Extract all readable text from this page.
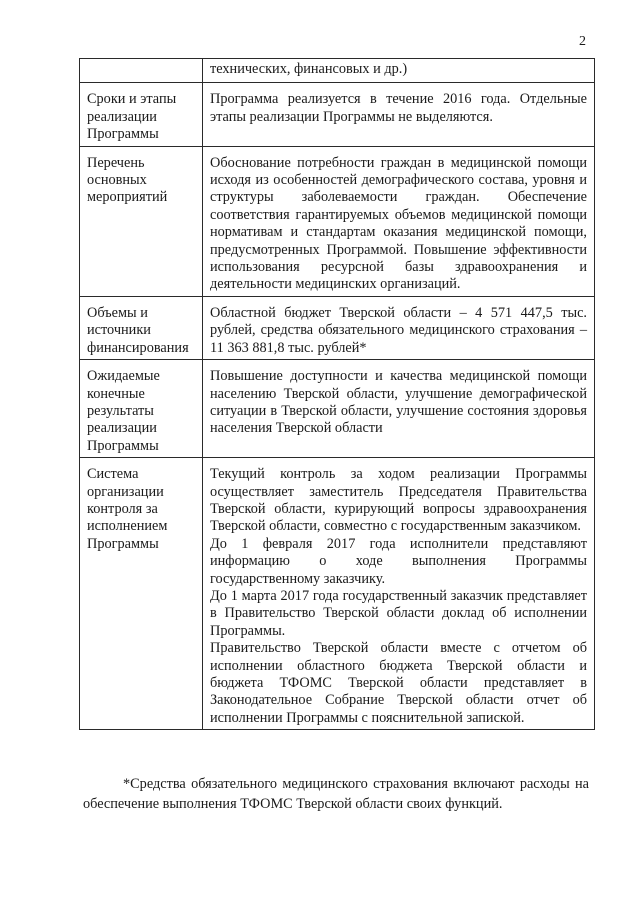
2

	технических, финансовых и др.)

Сроки и этапы реализации Программы	Программа реализуется в течение 2016 года. Отдельные этапы реализации Программы не выделяются.

Перечень основных мероприятий	Обоснование потребности граждан в медицинской помощи исходя из особенностей демографического состава, уровня и структуры заболеваемости граждан. Обеспечение соответствия гарантируемых объемов медицинской помощи нормативам и стандартам оказания медицинской помощи, предусмотренных Программой. Повышение эффективности использования ресурсной базы здравоохранения и деятельности медицинских организаций.

Объемы и источники финансирования	Областной бюджет Тверской области – 4 571 447,5 тыс. рублей, средства обязательного медицинского страхования – 11 363 881,8 тыс. рублей*

Ожидаемые конечные результаты реализации Программы	Повышение доступности и качества медицинской помощи населению Тверской области, улучшение демографической ситуации в Тверской области, улучшение состояния здоровья населения Тверской области

Система организации контроля за исполнением Программы	Текущий контроль за ходом реализации Программы осуществляет заместитель Председателя Правительства Тверской области, курирующий вопросы здравоохранения Тверской области, совместно с государственным заказчиком.

До 1 февраля 2017 года исполнители представляют информацию о ходе выполнения Программы государственному заказчику.

До 1 марта 2017 года государственный заказчик представляет в Правительство Тверской области доклад об исполнении Программы.

Правительство Тверской области вместе с отчетом об исполнении областного бюджета Тверской области и бюджета ТФОМС Тверской области представляет в Законодательное Собрание Тверской области отчет об исполнении Программы с пояснительной запиской.

*Средства обязательного медицинского страхования включают расходы на обеспечение выполнения ТФОМС Тверской области своих функций.
